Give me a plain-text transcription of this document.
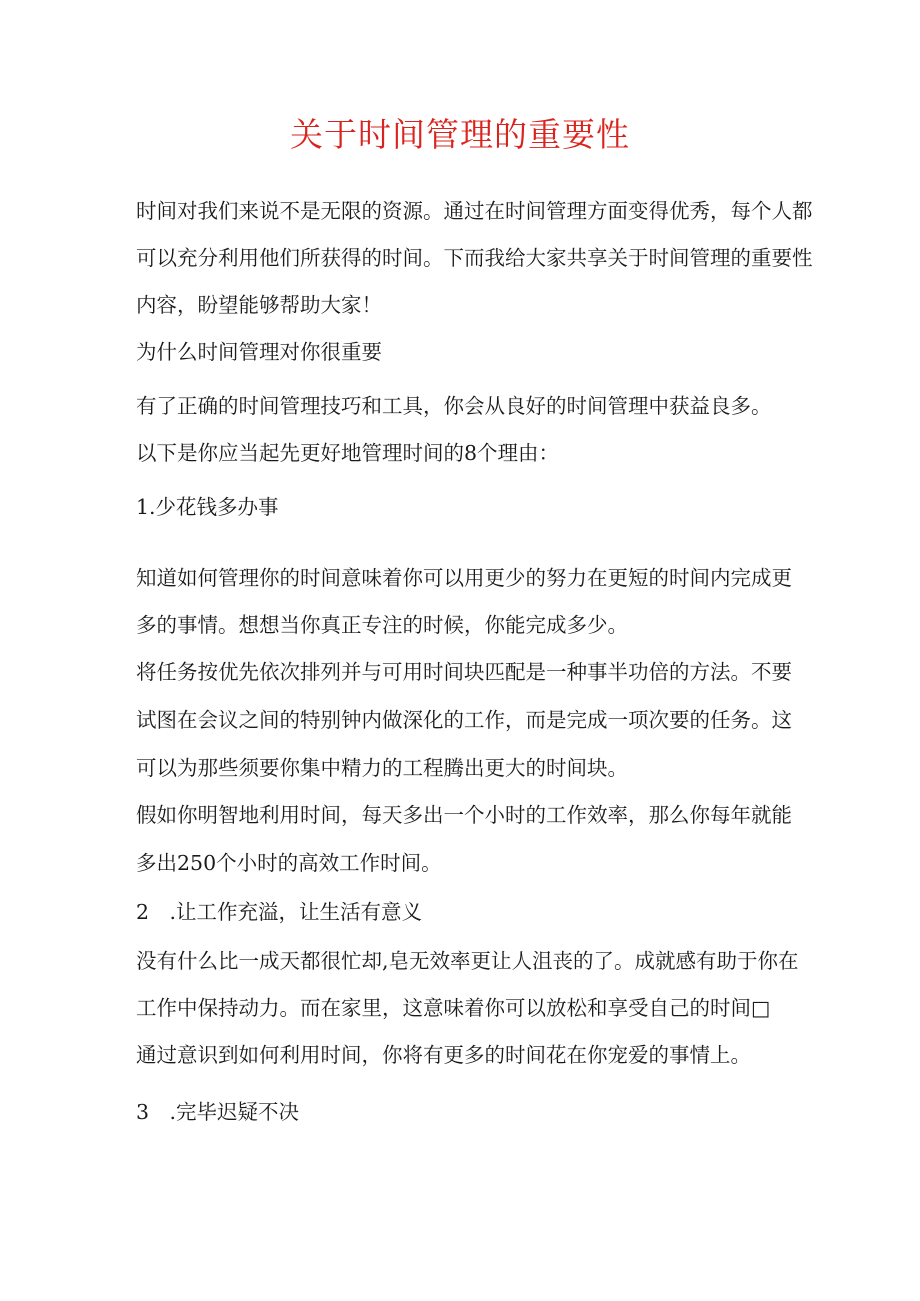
关于时间管理的重要性
时间对我们来说不是无限的资源。通过在时间管理方面变得优秀，每个人都
可以充分利用他们所获得的时间。下而我给大家共享关于时间管理的重要性
内容，盼望能够帮助大家！
为什么时间管理对你很重要
有了正确的时间管理技巧和工具，你会从良好的时间管理中获益良多。
以下是你应当起先更好地管理时间的8个理由：
1.少花钱多办事
知道如何管理你的时间意味着你可以用更少的努力在更短的时间内完成更
多的事情。想想当你真正专注的时候，你能完成多少。
将任务按优先依次排列并与可用时间块匹配是一种事半功倍的方法。不要
试图在会议之间的特别钟内做深化的工作，而是完成一项次要的任务。这
可以为那些须要你集中精力的工程腾出更大的时间块。
假如你明智地利用时间，每天多出一个小时的工作效率，那么你每年就能
多出250个小时的高效工作时间。
2　.让工作充溢，让生活有意义
没有什么比一成天都很忙却,皂无效率更让人沮丧的了。成就感有助于你在
工作中保持动力。而在家里，这意味着你可以放松和享受自己的时间□
通过意识到如何利用时间，你将有更多的时间花在你宠爱的事情上。
3　.完毕迟疑不决
